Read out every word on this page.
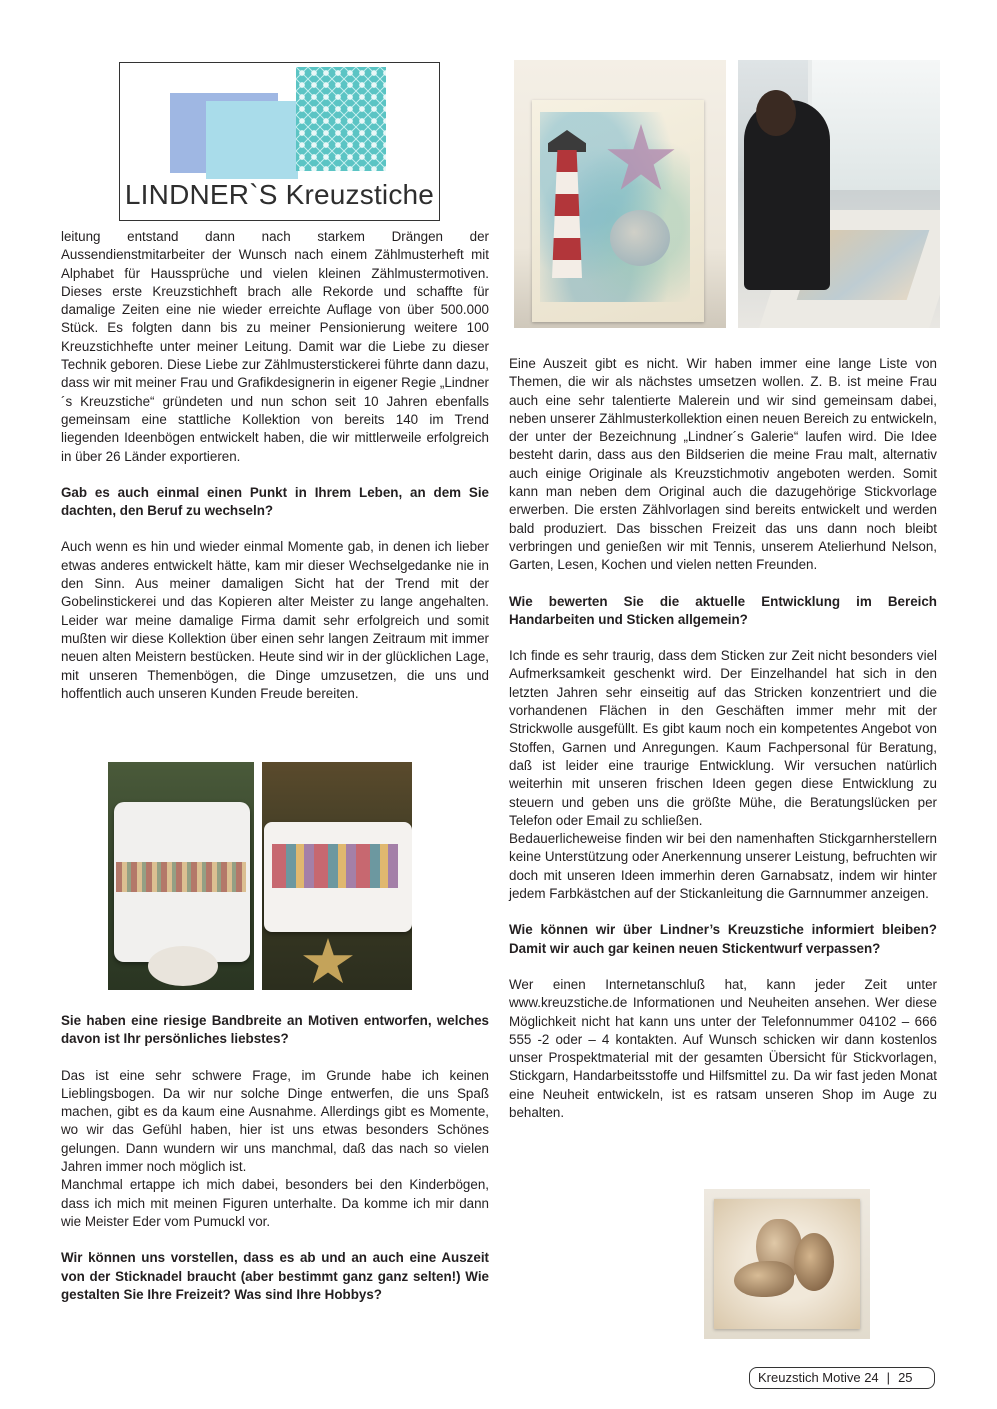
LINDNER`S Kreuzstiche

leitung entstand dann nach starkem Drängen der Aussendienstmitarbeiter der Wunsch nach einem Zählmusterheft mit Alphabet für Haussprüche und vielen kleinen Zählmustermotiven. Dieses erste Kreuzstichheft brach alle Rekorde und schaffte für damalige Zeiten eine nie wieder erreichte Auflage von über 500.000 Stück. Es folgten dann bis zu meiner Pensionierung weitere 100 Kreuzstichhefte unter meiner Leitung. Damit war die Liebe zu dieser Technik geboren. Diese Liebe zur Zählmusterstickerei führte dann dazu, dass wir mit meiner Frau und Grafikdesignerin in eigener Regie „Lindner´s Kreuzstiche“ gründeten und nun schon seit 10 Jahren ebenfalls gemeinsam eine stattliche Kollektion von bereits 140 im Trend liegenden Ideenbögen entwickelt haben, die wir mittlerweile erfolgreich in über 26 Länder exportieren.

Gab es auch einmal einen Punkt in Ihrem Leben, an dem Sie dachten, den Beruf zu wechseln?

Auch wenn es hin und wieder einmal Momente gab, in denen ich lieber etwas anderes entwickelt hätte, kam mir dieser Wechselgedanke nie in den Sinn. Aus meiner damaligen Sicht hat der Trend mit der Gobelinstickerei und das Kopieren alter Meister zu lange angehalten. Leider war meine damalige Firma damit sehr erfolgreich und somit mußten wir diese Kollektion über einen sehr langen Zeitraum mit immer neuen alten Meistern bestücken. Heute sind wir in der glücklichen Lage, mit unseren Themenbögen, die Dinge umzusetzen, die uns und hoffentlich auch unseren Kunden Freude bereiten.

Sie haben eine riesige Bandbreite an Motiven entworfen, welches davon ist Ihr persönliches liebstes?

Das ist eine sehr schwere Frage, im Grunde habe ich keinen Lieblingsbogen. Da wir nur solche Dinge entwerfen, die uns Spaß machen, gibt es da kaum eine Ausnahme. Allerdings gibt es Momente, wo wir das Gefühl haben, hier ist uns etwas besonders Schönes gelungen. Dann wundern wir uns manchmal, daß das nach so vielen Jahren immer noch möglich ist.

Manchmal ertappe ich mich dabei, besonders bei den Kinderbögen, dass ich mich mit meinen Figuren unterhalte. Da komme ich mir dann wie Meister Eder vom Pumuckl vor.

Wir können uns vorstellen, dass es ab und an auch eine Auszeit von der Sticknadel braucht (aber bestimmt ganz ganz selten!) Wie gestalten Sie Ihre Freizeit? Was sind Ihre Hobbys?

Eine Auszeit gibt es nicht. Wir haben immer eine lange Liste von Themen, die wir als nächstes umsetzen wollen. Z. B. ist meine Frau auch eine sehr talentierte Malerein und wir sind gemeinsam dabei, neben unserer Zählmusterkollektion einen neuen Bereich zu entwickeln, der unter der Bezeichnung „Lindner´s Galerie“ laufen wird. Die Idee besteht darin, dass aus den Bildserien die meine Frau malt, alternativ auch einige Originale als Kreuzstichmotiv angeboten werden. Somit kann man neben dem Original auch die dazugehörige Stickvorlage erwerben. Die ersten Zählvorlagen sind bereits entwickelt und werden bald produziert. Das bisschen Freizeit das uns dann noch bleibt verbringen und genießen wir mit Tennis, unserem Atelierhund Nelson, Garten, Lesen, Kochen und vielen netten Freunden.

Wie bewerten Sie die aktuelle Entwicklung im Bereich Handarbeiten und Sticken allgemein?

Ich finde es sehr traurig, dass dem Sticken zur Zeit nicht besonders viel Aufmerksamkeit geschenkt wird. Der Einzelhandel hat sich in den letzten Jahren sehr einseitig auf das Stricken konzentriert und die vorhandenen Flächen in den Geschäften immer mehr mit der Strickwolle ausgefüllt. Es gibt kaum noch ein kompetentes Angebot von Stoffen, Garnen und Anregungen. Kaum Fachpersonal für Beratung, daß ist leider eine traurige Entwicklung. Wir versuchen natürlich weiterhin mit unseren frischen Ideen gegen diese Entwicklung zu steuern und geben uns die größte Mühe, die Beratungslücken per Telefon oder Email zu schließen.

Bedauerlicheweise finden wir bei den namenhaften Stickgarnherstellern keine Unterstützung oder Anerkennung unserer Leistung, befruchten wir doch mit unseren Ideen immerhin deren Garnabsatz, indem wir hinter jedem Farbkästchen auf der Stickanleitung die Garnnummer anzeigen.

Wie können wir über Lindner’s Kreuzstiche informiert bleiben? Damit wir auch gar keinen neuen Stickentwurf verpassen?

Wer einen Internetanschluß hat, kann jeder Zeit unter www.kreuzstiche.de Informationen und Neuheiten ansehen. Wer diese Möglichkeit nicht hat kann uns unter der Telefonnummer 04102 – 666 555 -2 oder – 4 kontakten. Auf Wunsch schicken wir dann kostenlos unser Prospektmaterial mit der gesamten Übersicht für Stickvorlagen, Stickgarn, Handarbeitsstoffe und Hilfsmittel zu. Da wir fast jeden Monat eine Neuheit entwickeln, ist es ratsam unseren Shop im Auge zu behalten.

Kreuzstich Motive 24 | 25
